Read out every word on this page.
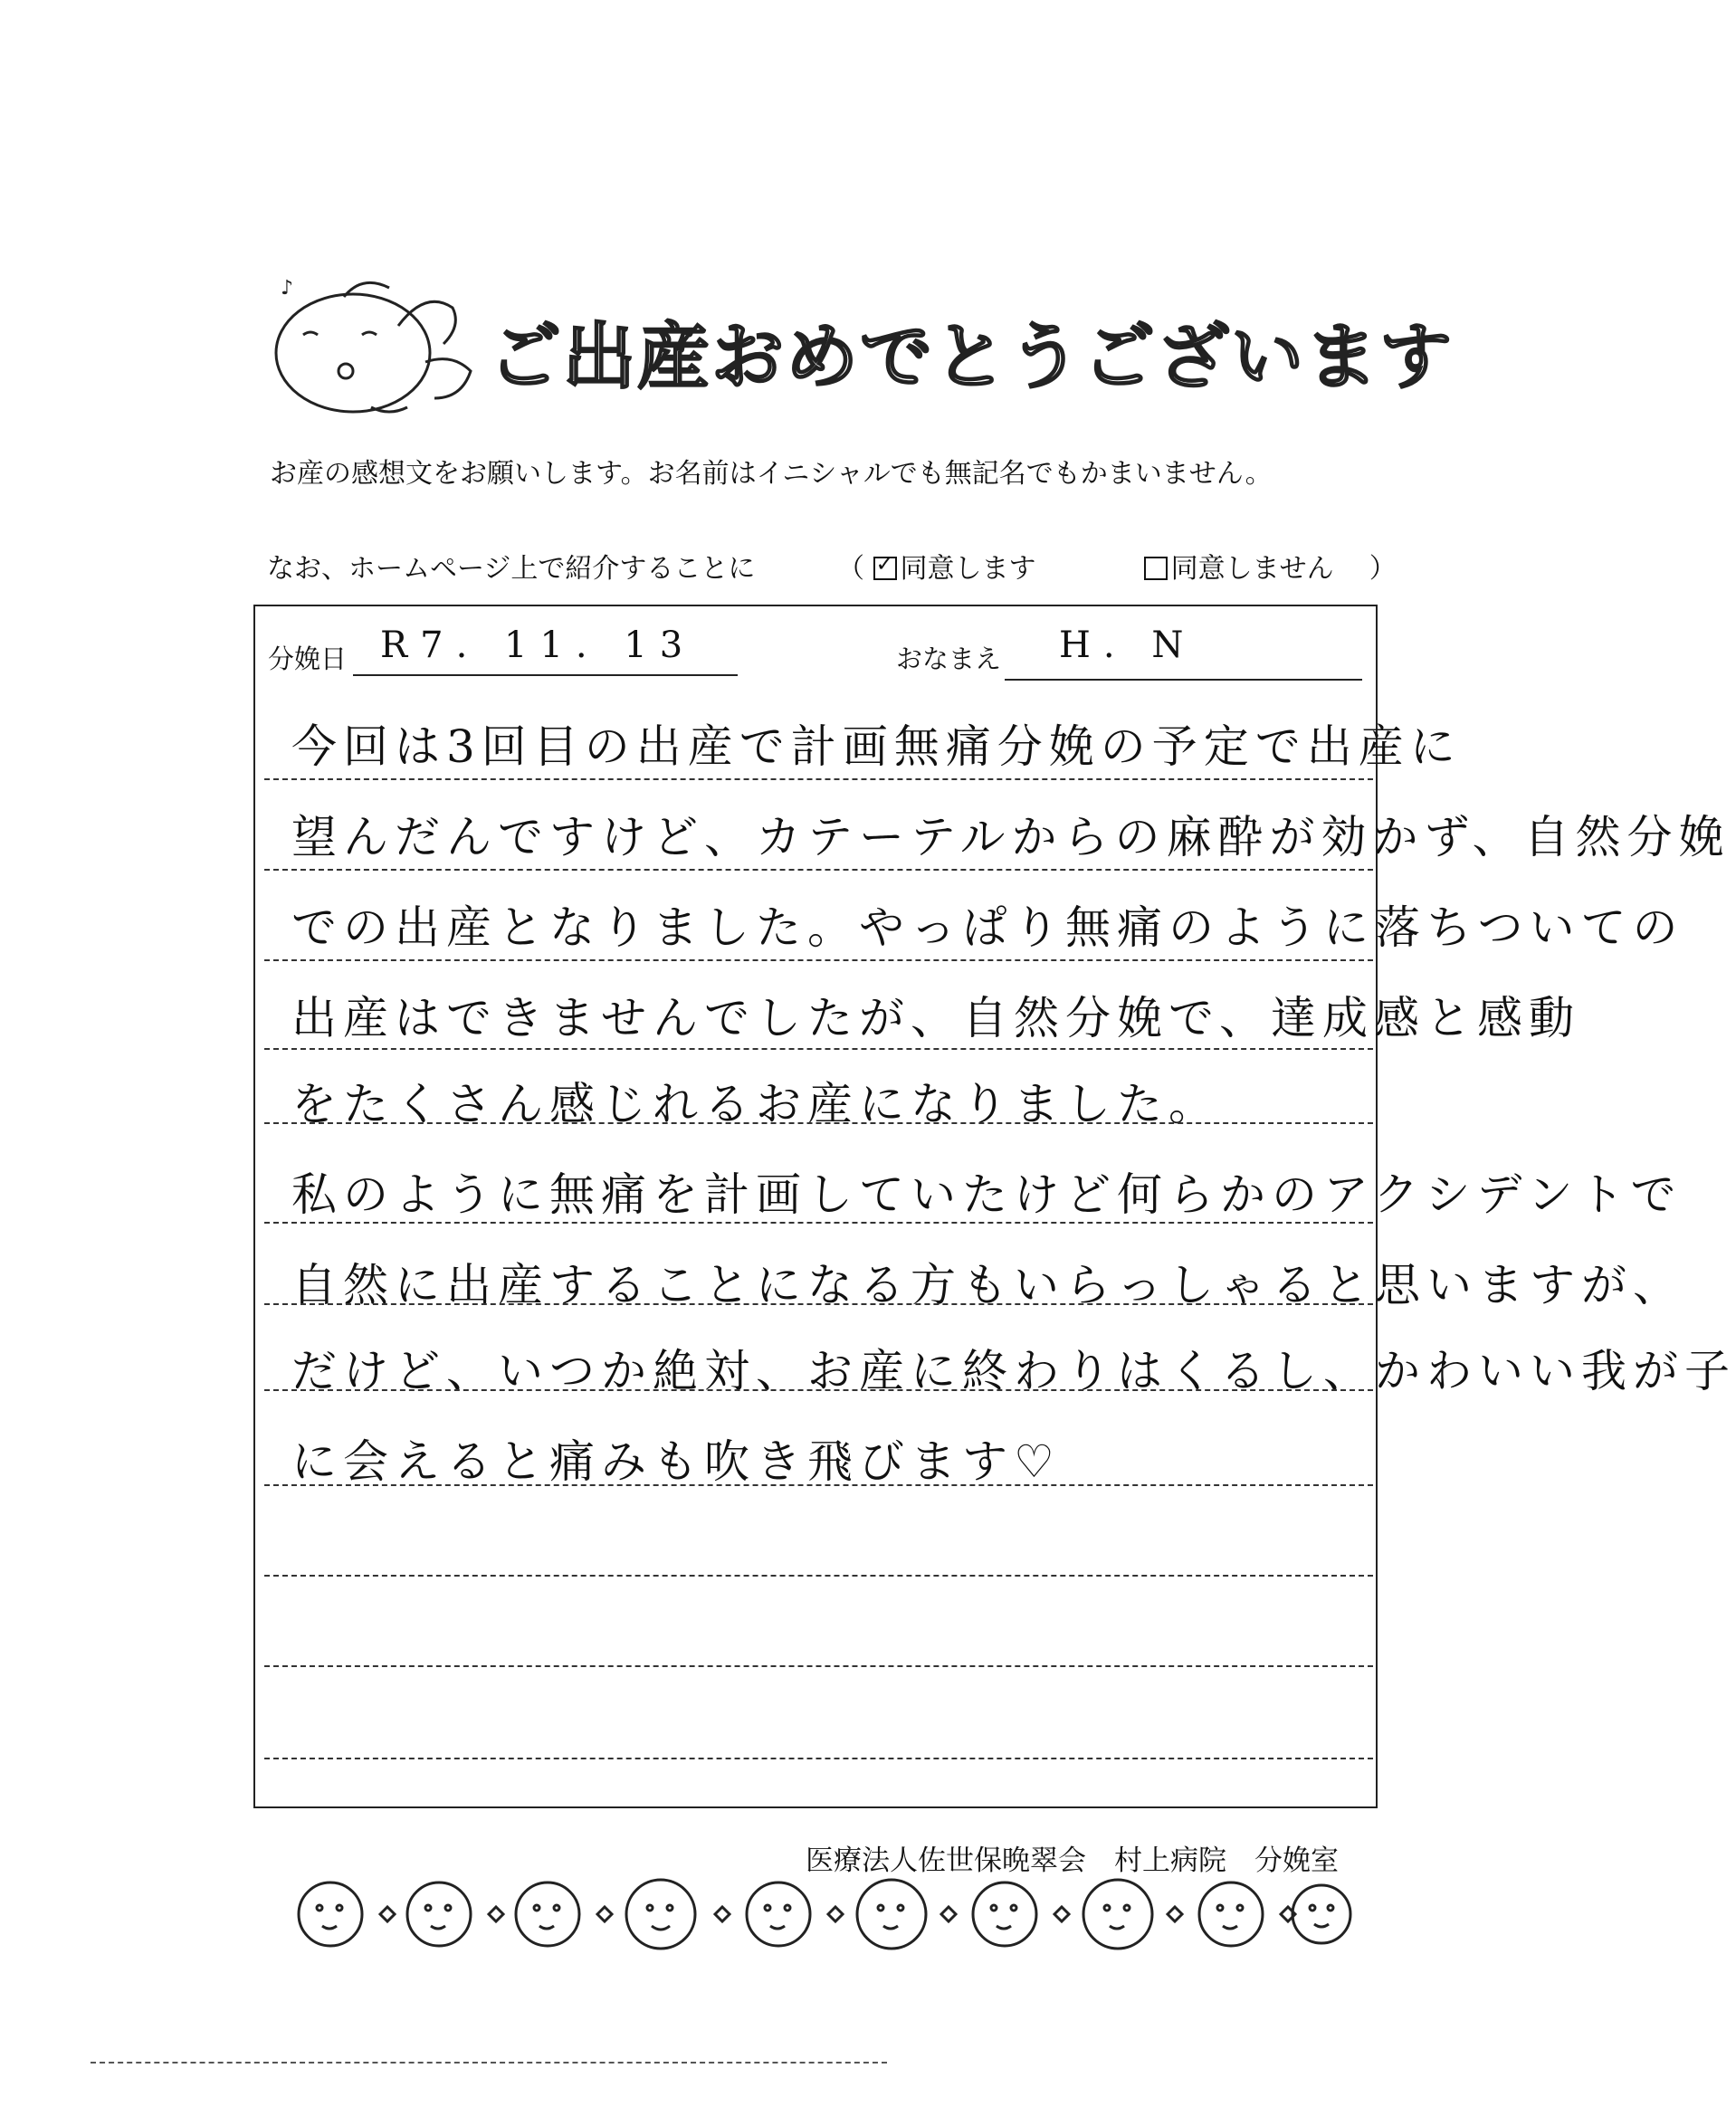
♪
ご出産おめでとうございます
お産の感想文をお願いします。お名前はイニシャルでも無記名でもかまいません。
なお、ホームページ上で紹介することに	（ ✓ 同意します	同意しません ）
分娩日 R7. 11. 13	おなまえ H. N
今回は3回目の出産で計画無痛分娩の予定で出産に
望んだんですけど、カテーテルからの麻酔が効かず、自然分娩
での出産となりました。やっぱり無痛のように落ちついての
出産はできませんでしたが、自然分娩で、達成感と感動
をたくさん感じれるお産になりました。
私のように無痛を計画していたけど何らかのアクシデントで
自然に出産することになる方もいらっしゃると思いますが、
だけど、いつか絶対、お産に終わりはくるし、かわいい我が子
に会えると痛みも吹き飛びます♡
医療法人佐世保晩翠会　村上病院　分娩室
